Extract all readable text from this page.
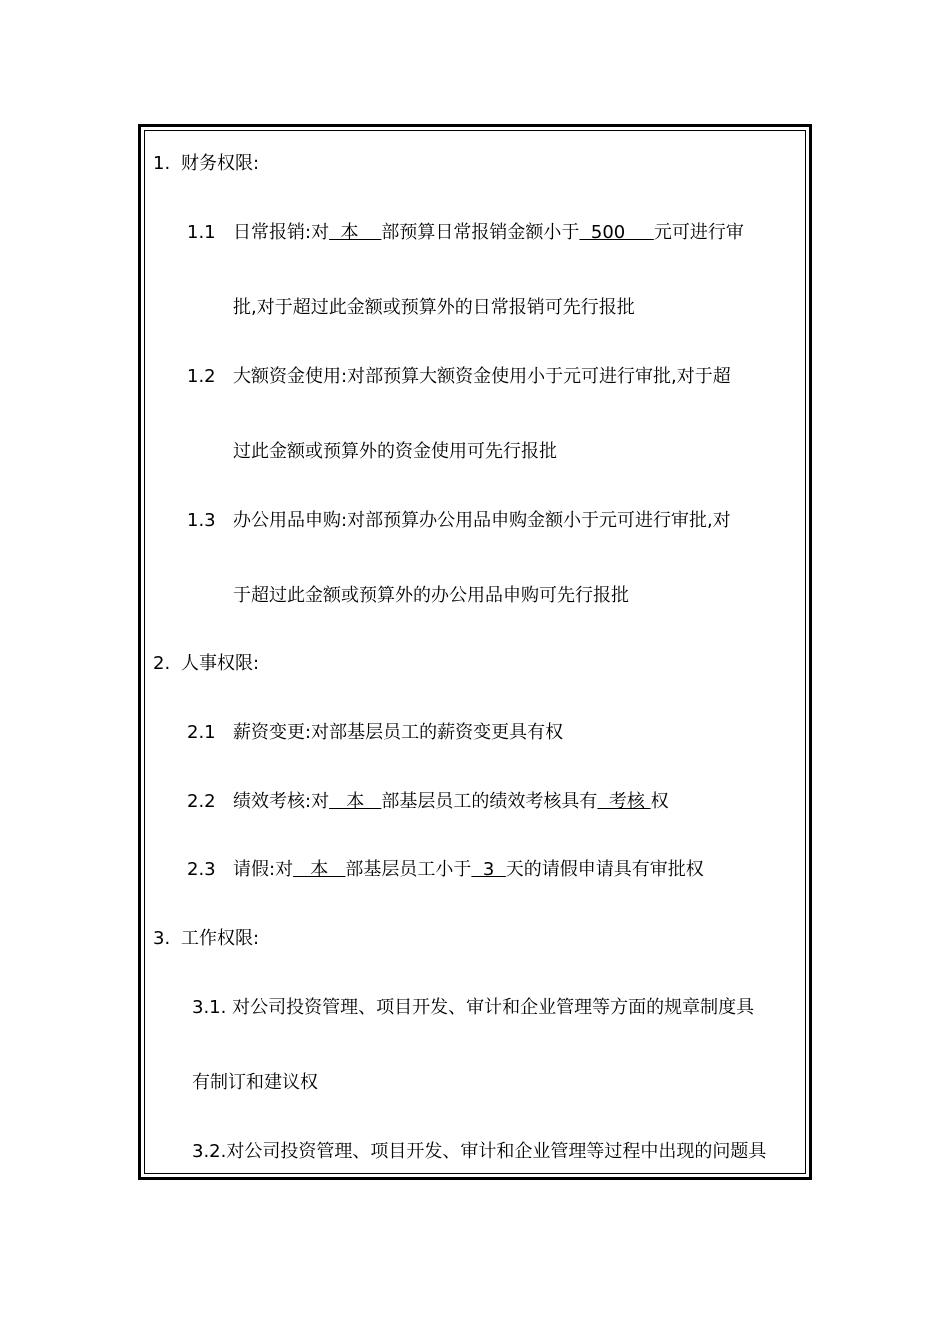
1. 财务权限:
1.1 日常报销:对  本    部预算日常报销金额小于  500     元可进行审
批,对于超过此金额或预算外的日常报销可先行报批
1.2 大额资金使用:对部预算大额资金使用小于元可进行审批,对于超
过此金额或预算外的资金使用可先行报批
1.3 办公用品申购:对部预算办公用品申购金额小于元可进行审批,对
于超过此金额或预算外的办公用品申购可先行报批
2. 人事权限:
2.1 薪资变更:对部基层员工的薪资变更具有权
2.2 绩效考核:对   本   部基层员工的绩效考核具有  考核 权
2.3 请假:对   本   部基层员工小于  3  天的请假申请具有审批权
3. 工作权限:
3.1. 对公司投资管理、项目开发、审计和企业管理等方面的规章制度具
有制订和建议权
3.2.对公司投资管理、项目开发、审计和企业管理等过程中出现的问题具
